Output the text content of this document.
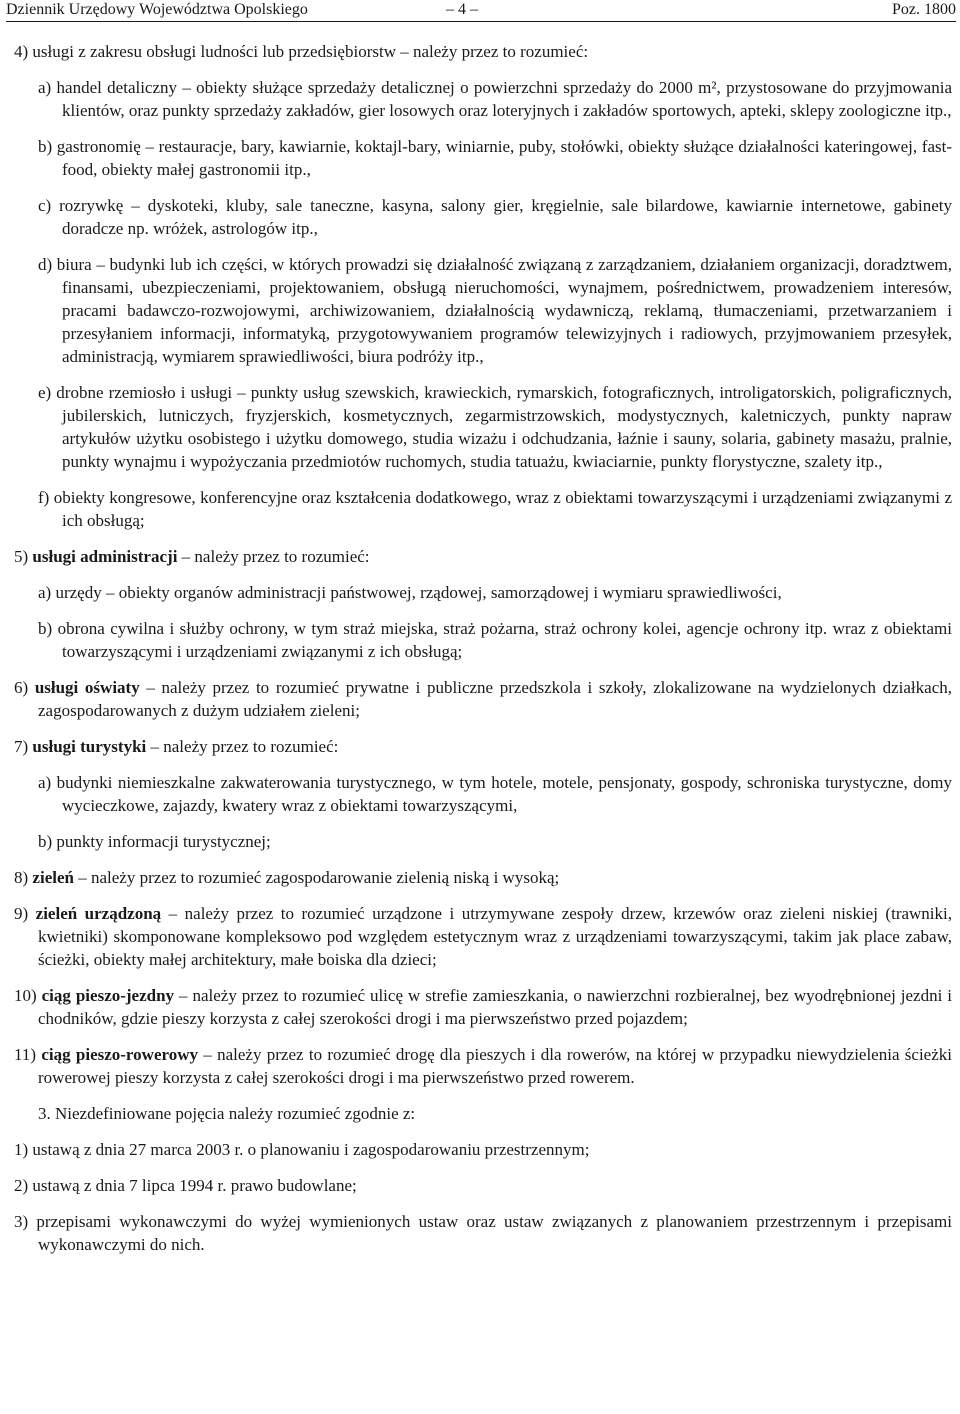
Dziennik Urzędowy Województwa Opolskiego	– 4 –	Poz. 1800

4) usługi z zakresu obsługi ludności lub przedsiębiorstw – należy przez to rozumieć:

a) handel detaliczny – obiekty służące sprzedaży detalicznej o powierzchni sprzedaży do 2000 m², przystosowane do przyjmowania klientów, oraz punkty sprzedaży zakładów, gier losowych oraz loteryjnych i zakładów sportowych, apteki, sklepy zoologiczne itp.,

b) gastronomię – restauracje, bary, kawiarnie, koktajl-bary, winiarnie, puby, stołówki, obiekty służące działalności kateringowej, fast-food, obiekty małej gastronomii itp.,

c) rozrywkę – dyskoteki, kluby, sale taneczne, kasyna, salony gier, kręgielnie, sale bilardowe, kawiarnie internetowe, gabinety doradcze np. wróżek, astrologów itp.,

d) biura – budynki lub ich części, w których prowadzi się działalność związaną z zarządzaniem, działaniem organizacji, doradztwem, finansami, ubezpieczeniami, projektowaniem, obsługą nieruchomości, wynajmem, pośrednictwem, prowadzeniem interesów, pracami badawczo-rozwojowymi, archiwizowaniem, działalnością wydawniczą, reklamą, tłumaczeniami, przetwarzaniem i przesyłaniem informacji, informatyką, przygotowywaniem programów telewizyjnych i radiowych, przyjmowaniem przesyłek, administracją, wymiarem sprawiedliwości, biura podróży itp.,

e) drobne rzemiosło i usługi – punkty usług szewskich, krawieckich, rymarskich, fotograficznych, introligatorskich, poligraficznych, jubilerskich, lutniczych, fryzjerskich, kosmetycznych, zegarmistrzowskich, modystycznych, kaletniczych, punkty napraw artykułów użytku osobistego i użytku domowego, studia wizażu i odchudzania, łaźnie i sauny, solaria, gabinety masażu, pralnie, punkty wynajmu i wypożyczania przedmiotów ruchomych, studia tatuażu, kwiaciarnie, punkty florystyczne, szalety itp.,

f) obiekty kongresowe, konferencyjne oraz kształcenia dodatkowego, wraz z obiektami towarzyszącymi i urządzeniami związanymi z ich obsługą;

5) usługi administracji – należy przez to rozumieć:

a) urzędy – obiekty organów administracji państwowej, rządowej, samorządowej i wymiaru sprawiedliwości,

b) obrona cywilna i służby ochrony, w tym straż miejska, straż pożarna, straż ochrony kolei, agencje ochrony itp. wraz z obiektami towarzyszącymi i urządzeniami związanymi z ich obsługą;

6) usługi oświaty – należy przez to rozumieć prywatne i publiczne przedszkola i szkoły, zlokalizowane na wydzielonych działkach, zagospodarowanych z dużym udziałem zieleni;

7) usługi turystyki – należy przez to rozumieć:

a) budynki niemieszkalne zakwaterowania turystycznego, w tym hotele, motele, pensjonaty, gospody, schroniska turystyczne, domy wycieczkowe, zajazdy, kwatery wraz z obiektami towarzyszącymi,

b) punkty informacji turystycznej;

8) zieleń – należy przez to rozumieć zagospodarowanie zielenią niską i wysoką;

9) zieleń urządzoną – należy przez to rozumieć urządzone i utrzymywane zespoły drzew, krzewów oraz zieleni niskiej (trawniki, kwietniki) skomponowane kompleksowo pod względem estetycznym wraz z urządzeniami towarzyszącymi, takim jak place zabaw, ścieżki, obiekty małej architektury, małe boiska dla dzieci;

10) ciąg pieszo-jezdny – należy przez to rozumieć ulicę w strefie zamieszkania, o nawierzchni rozbieralnej, bez wyodrębnionej jezdni i chodników, gdzie pieszy korzysta z całej szerokości drogi i ma pierwszeństwo przed pojazdem;

11) ciąg pieszo-rowerowy – należy przez to rozumieć drogę dla pieszych i dla rowerów, na której w przypadku niewydzielenia ścieżki rowerowej pieszy korzysta z całej szerokości drogi i ma pierwszeństwo przed rowerem.

3. Niezdefiniowane pojęcia należy rozumieć zgodnie z:

1) ustawą z dnia 27 marca 2003 r. o planowaniu i zagospodarowaniu przestrzennym;

2) ustawą z dnia 7 lipca 1994 r. prawo budowlane;

3) przepisami wykonawczymi do wyżej wymienionych ustaw oraz ustaw związanych z planowaniem przestrzennym i przepisami wykonawczymi do nich.
